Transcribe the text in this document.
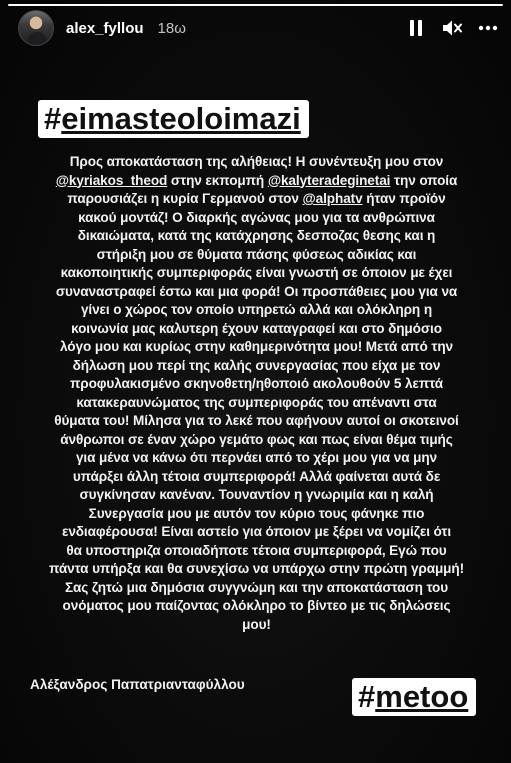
alex_fyllou 18ω
#eimasteoloimazi
Προς αποκατάσταση της αλήθειας! Η συνέντευξη μου στον
@kyriakos_theod στην εκπομπή @kalyteradeginetai την οποία
παρουσιάζει η κυρία Γερμανού στον @alphatv ήταν προϊόν
κακού μοντάζ! Ο διαρκής αγώνας μου για τα ανθρώπινα
δικαιώματα, κατά της κατάχρησης δεσποζας θεσης και η
στήριξη μου σε θύματα πάσης φύσεως αδικίας και
κακοποιητικής συμπεριφοράς είναι γνωστή σε όποιον με έχει
συναναστραφεί έστω και μια φορά! Οι προσπάθειες μου για να
γίνει ο χώρος τον οποίο υπηρετώ αλλά και ολόκληρη η
κοινωνία μας καλυτερη έχουν καταγραφεί και στο δημόσιο
λόγο μου και κυρίως στην καθημερινότητα μου! Μετά από την
δήλωση μου περί της καλής συνεργασίας που είχα με τον
προφυλακισμένο σκηνοθετη/ηθοποιό ακολουθούν 5 λεπτά
κατακεραυνώματος της συμπεριφοράς του απέναντι στα
θύματα του! Μίλησα για το λεκέ που αφήνουν αυτοί οι σκοτεινοί
άνθρωποι σε έναν χώρο γεμάτο φως και πως είναι θέμα τιμής
για μένα να κάνω ότι περνάει από το χέρι μου για να μην
υπάρξει άλλη τέτοια συμπεριφορά! Αλλά φαίνεται αυτά δε
συγκίνησαν κανέναν. Τουναντίον η γνωριμία και η καλή
Συνεργασία μου με αυτόν τον κύριο τους φάνηκε πιο
ενδιαφέρουσα! Είναι αστείο για όποιον με ξέρει να νομίζει ότι
θα υποστηριζα οποιαδήποτε τέτοια συμπεριφορά, Εγώ που
πάντα υπήρξα και θα συνεχίσω να υπάρχω στην πρώτη γραμμή!
Σας ζητώ μια δημόσια συγγνώμη και την αποκατάσταση του
ονόματος μου παίζοντας ολόκληρο το βίντεο με τις δηλώσεις
μου!
Αλέξανδρος Παπατριανταφύλλου	#metoo
